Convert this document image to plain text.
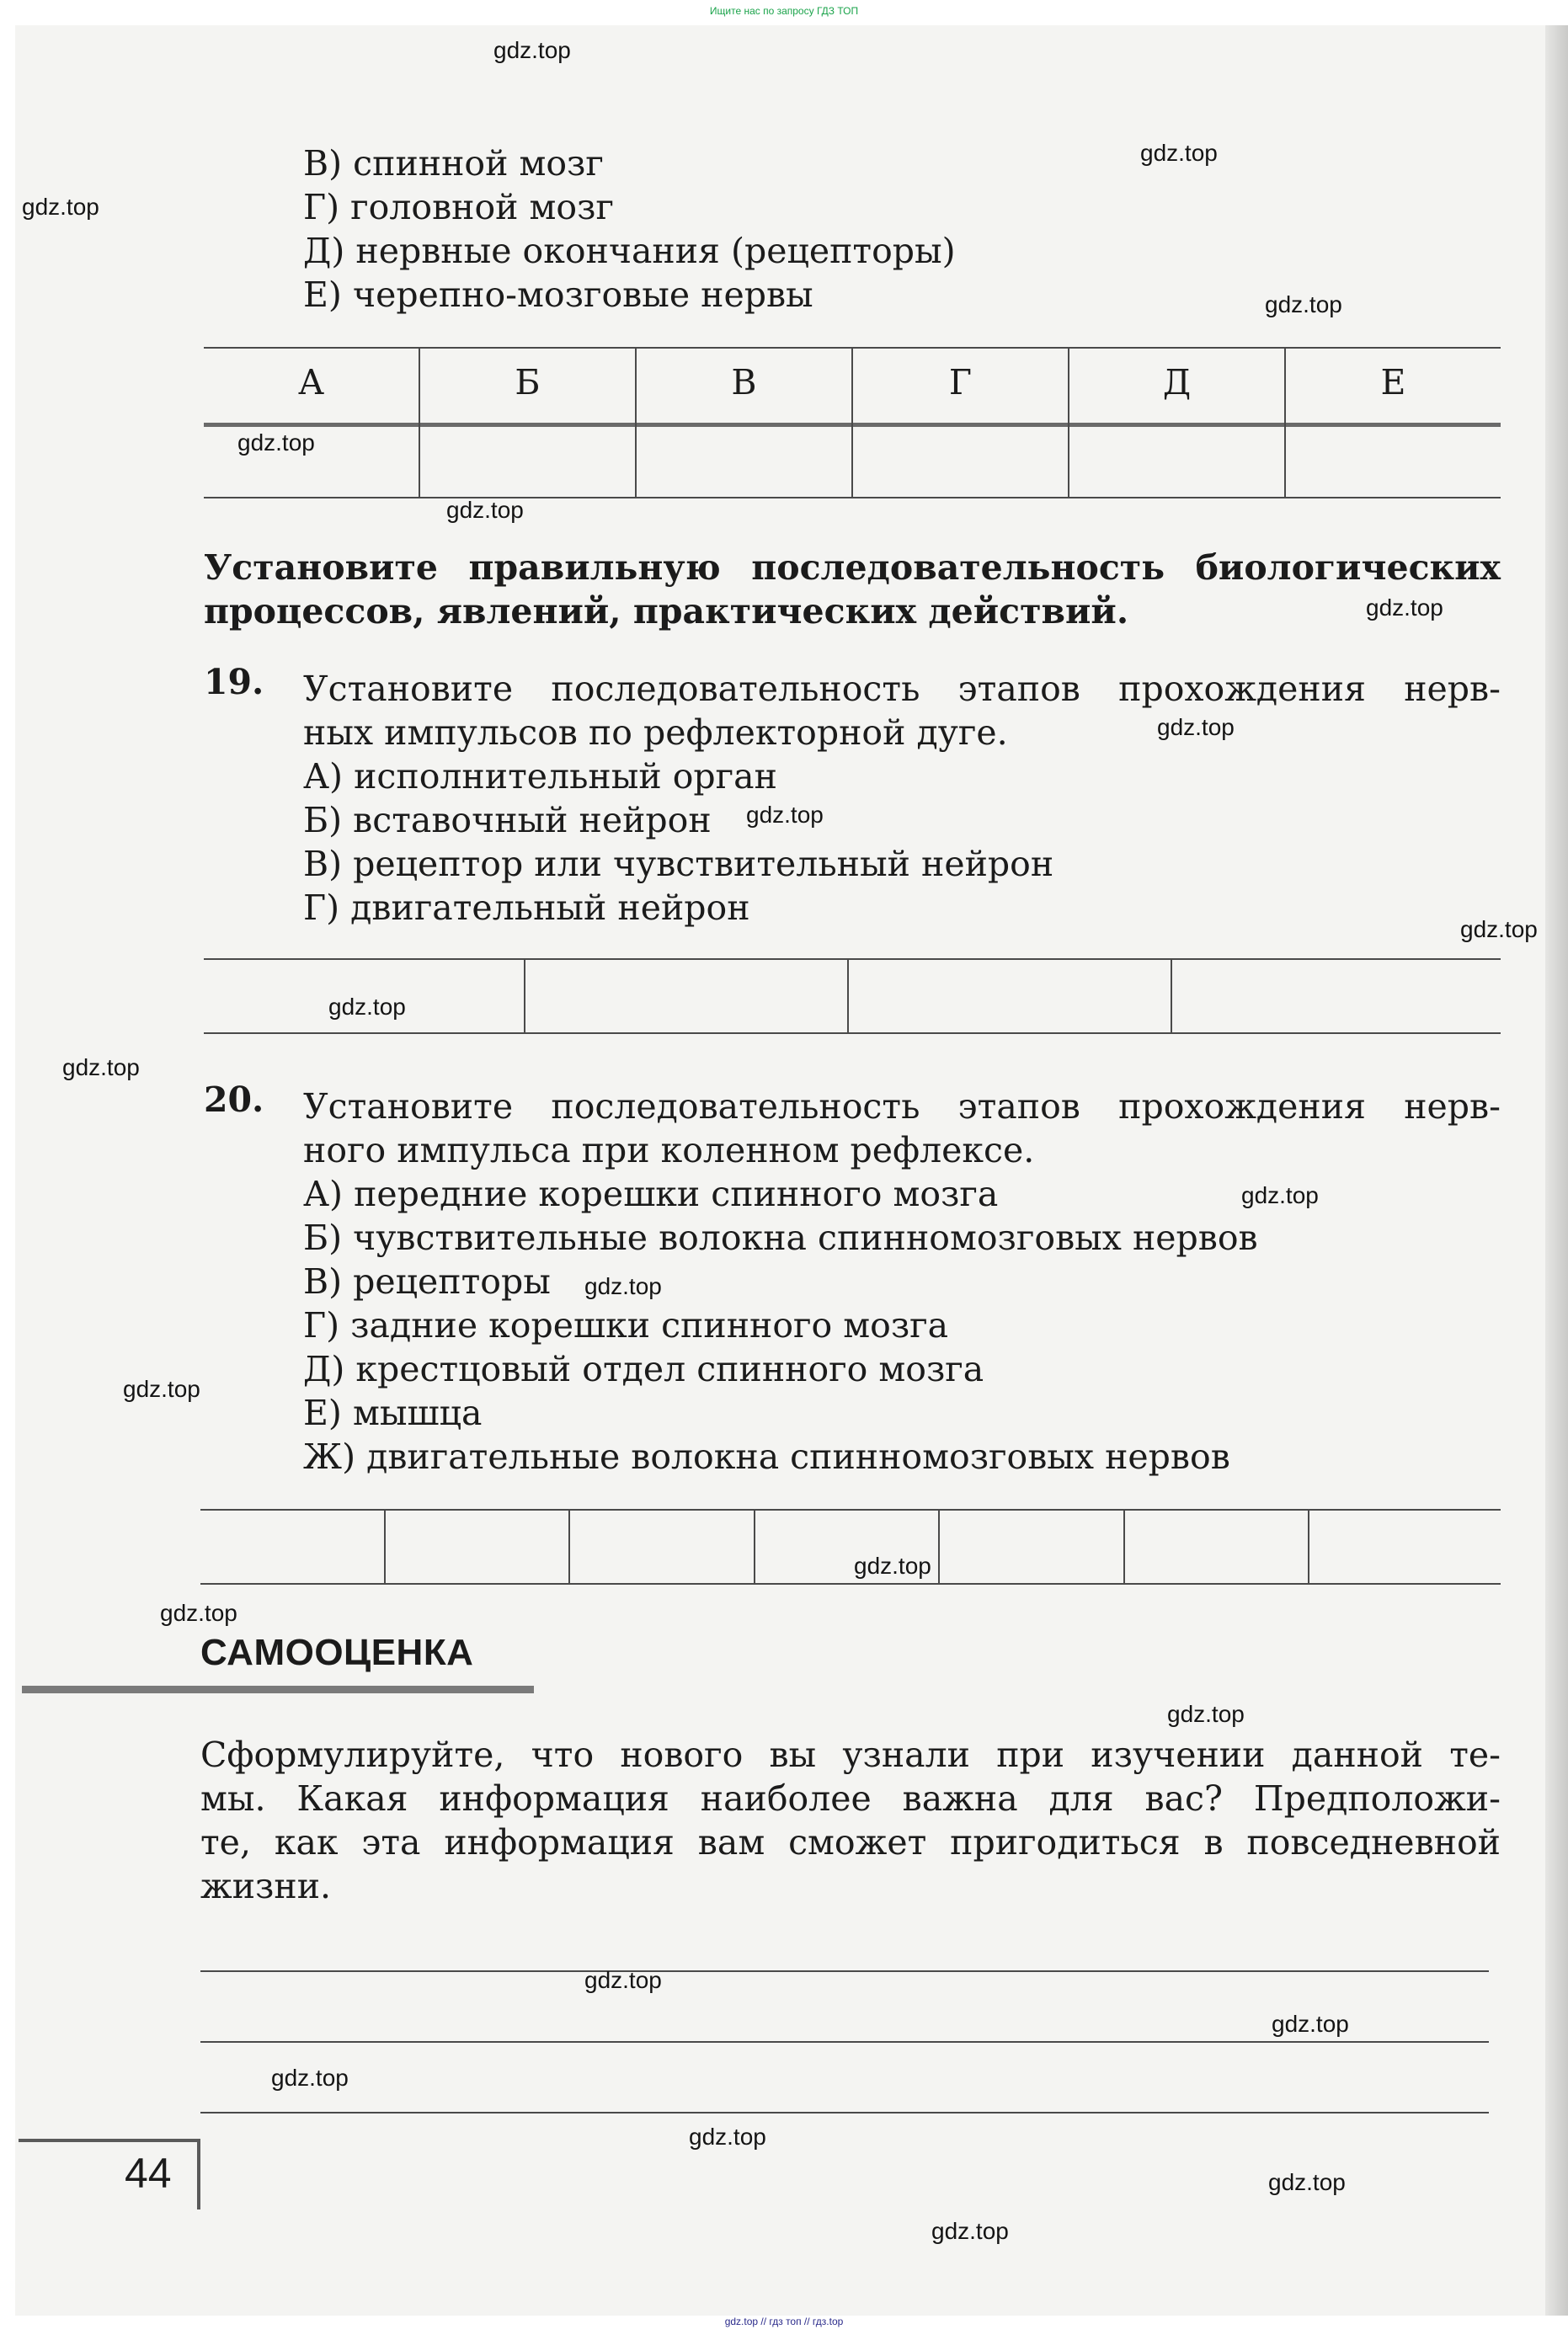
Ищите нас по запросу ГДЗ ТОП
В) спинной мозг
Г) головной мозг
Д) нервные окончания (рецепторы)
Е) черепно-мозговые нервы
А	Б	В	Г	Д	Е
Установите правильную последовательность биологических
процессов, явлений, практических действий.
19. Установите последовательность этапов прохождения нерв-
ных импульсов по рефлекторной дуге.
А) исполнительный орган
Б) вставочный нейрон
В) рецептор или чувствительный нейрон
Г) двигательный нейрон
20. Установите последовательность этапов прохождения нерв-
ного импульса при коленном рефлексе.
А) передние корешки спинного мозга
Б) чувствительные волокна спинномозговых нервов
В) рецепторы
Г) задние корешки спинного мозга
Д) крестцовый отдел спинного мозга
Е) мышца
Ж) двигательные волокна спинномозговых нервов
САМООЦЕНКА
Сформулируйте, что нового вы узнали при изучении данной те-
мы. Какая информация наиболее важна для вас? Предположи-
те, как эта информация вам сможет пригодиться в повседневной
жизни.
44
gdz.top
gdz.top
gdz.top
gdz.top
gdz.top
gdz.top
gdz.top
gdz.top
gdz.top
gdz.top
gdz.top
gdz.top
gdz.top
gdz.top
gdz.top
gdz.top
gdz.top
gdz.top
gdz.top
gdz.top
gdz.top
gdz.top
gdz.top
gdz.top
gdz.top // гдз топ // гдз.top
